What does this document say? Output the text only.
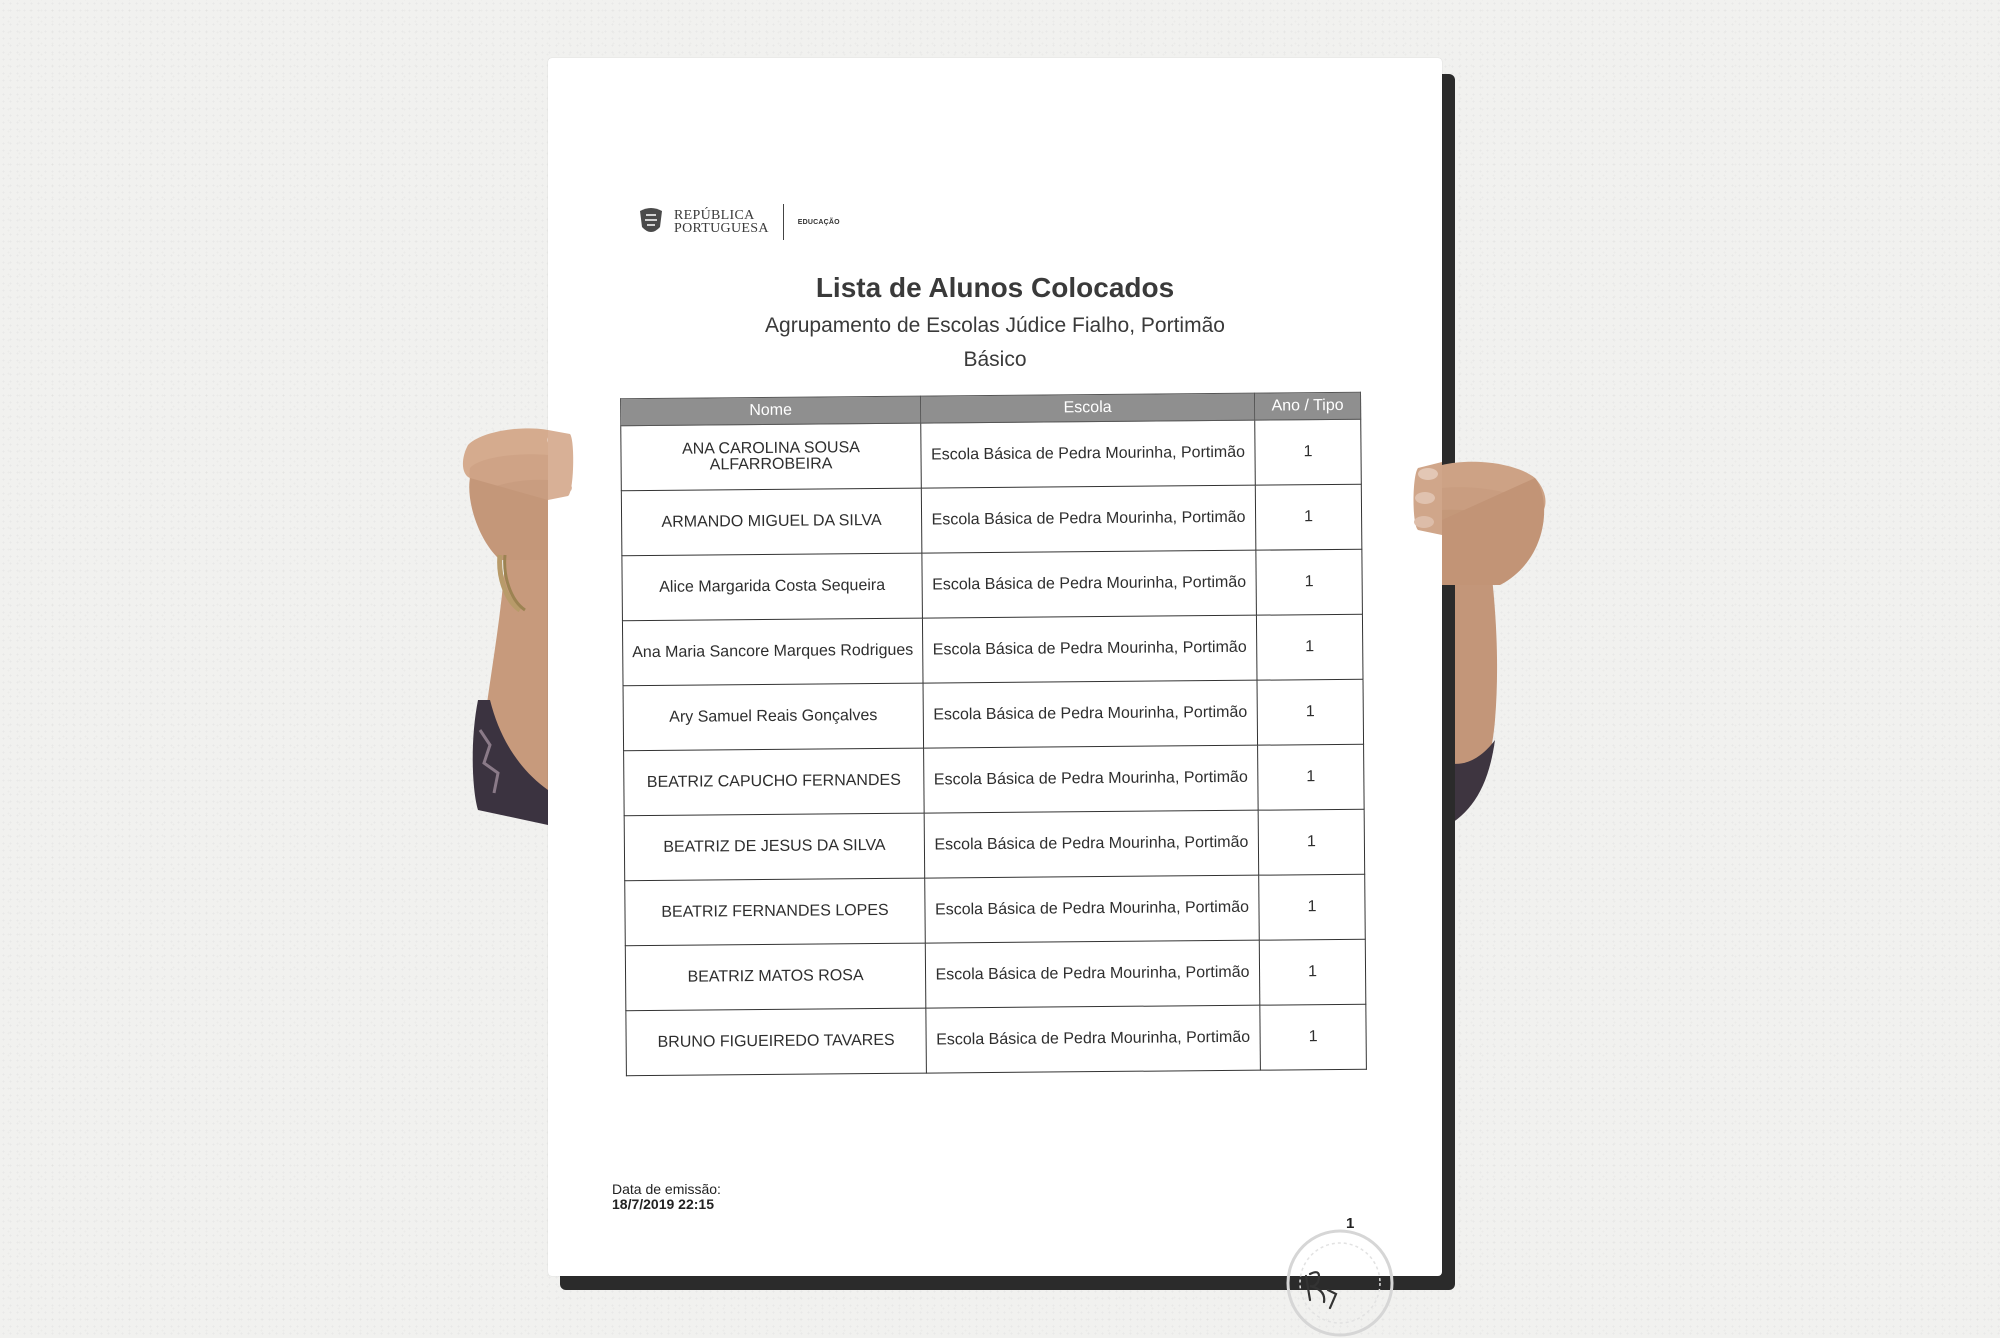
REPÚBLICA
PORTUGUESA	EDUCAÇÃO
Lista de Alunos Colocados
Agrupamento de Escolas Júdice Fialho, Portimão
Básico
Nome	Escola	Ano / Tipo
ANA CAROLINA SOUSA ALFARROBEIRA	Escola Básica de Pedra Mourinha, Portimão	1
ARMANDO MIGUEL DA SILVA	Escola Básica de Pedra Mourinha, Portimão	1
Alice Margarida Costa Sequeira	Escola Básica de Pedra Mourinha, Portimão	1
Ana Maria Sancore Marques Rodrigues	Escola Básica de Pedra Mourinha, Portimão	1
Ary Samuel Reais Gonçalves	Escola Básica de Pedra Mourinha, Portimão	1
BEATRIZ CAPUCHO FERNANDES	Escola Básica de Pedra Mourinha, Portimão	1
BEATRIZ DE JESUS DA SILVA	Escola Básica de Pedra Mourinha, Portimão	1
BEATRIZ FERNANDES LOPES	Escola Básica de Pedra Mourinha, Portimão	1
BEATRIZ MATOS ROSA	Escola Básica de Pedra Mourinha, Portimão	1
BRUNO FIGUEIREDO TAVARES	Escola Básica de Pedra Mourinha, Portimão	1
Data de emissão:
18/7/2019 22:15
1
